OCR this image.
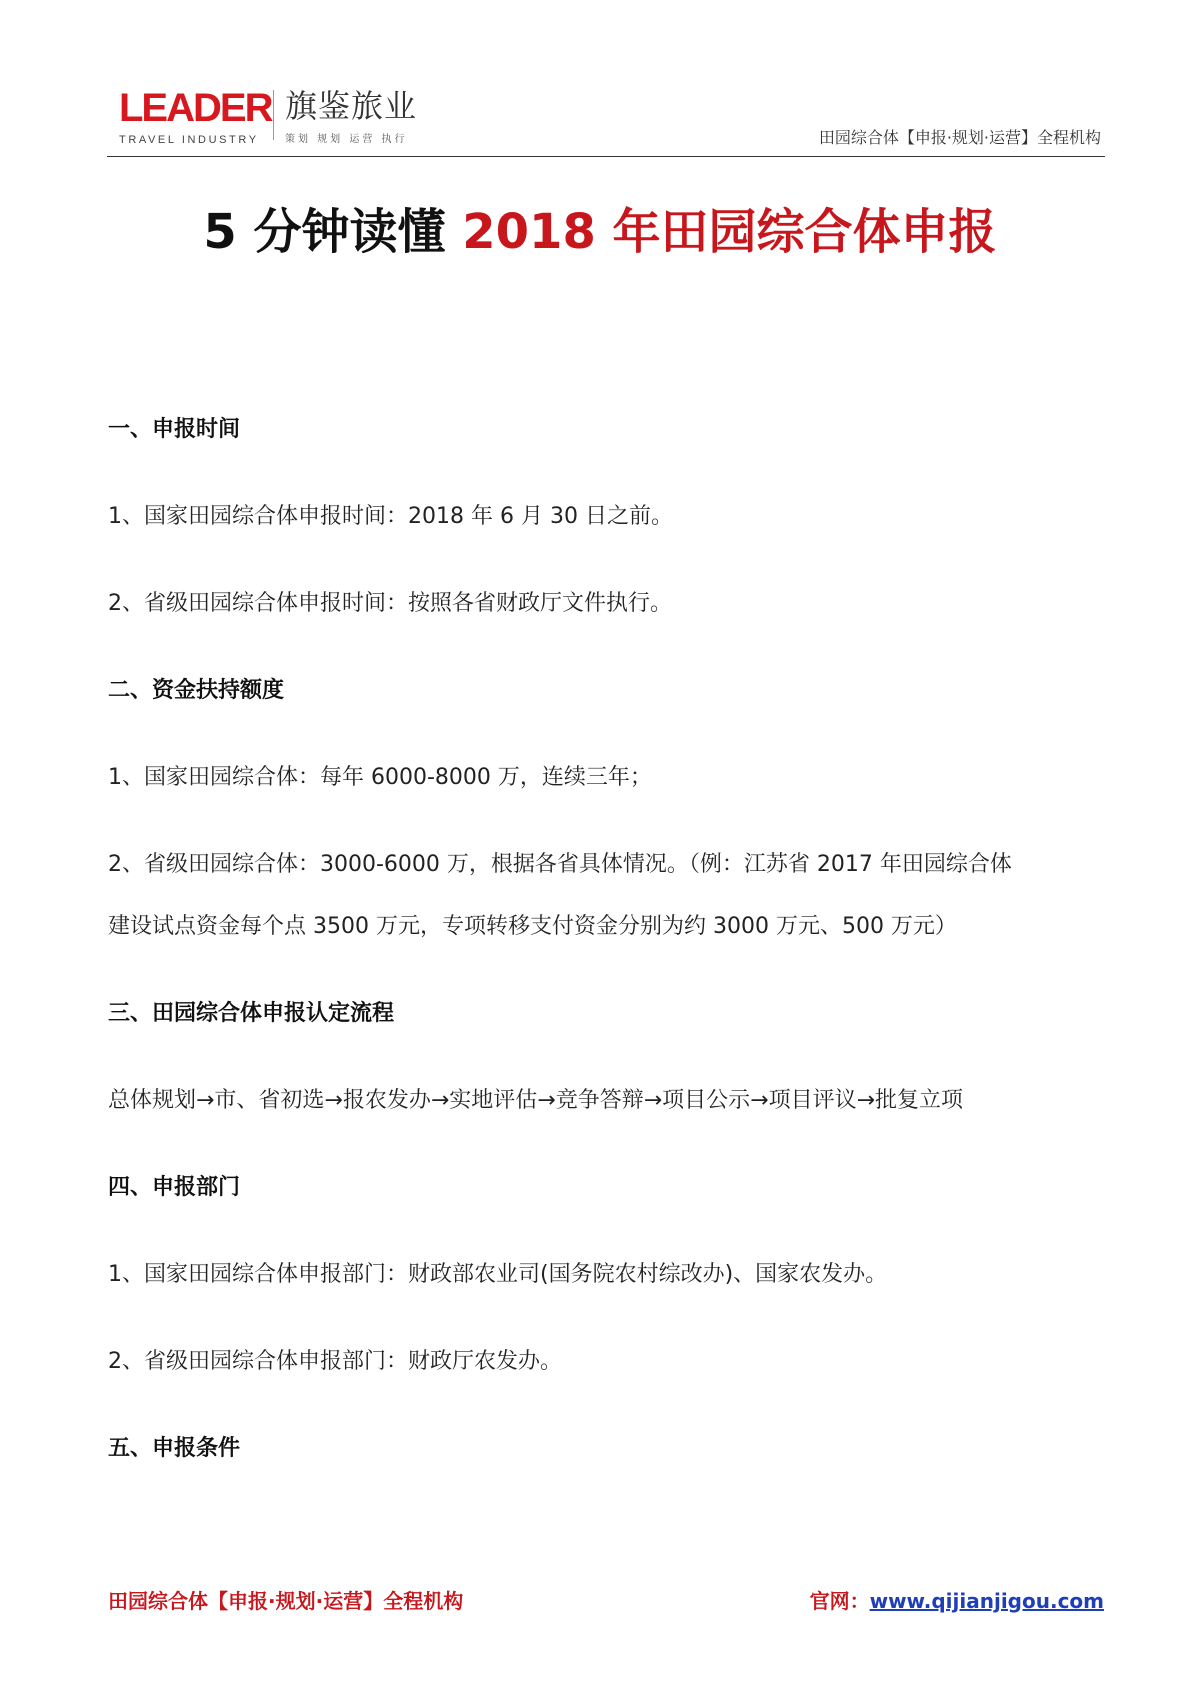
LEADER
TRAVEL INDUSTRY
旗鉴旅业
策划 规划 运营 执行	田园综合体【申报·规划·运营】全程机构
5 分钟读懂 2018 年田园综合体申报
一、申报时间
1、国家田园综合体申报时间：2018 年 6 月 30 日之前。
2、省级田园综合体申报时间：按照各省财政厅文件执行。
二、资金扶持额度
1、国家田园综合体：每年 6000-8000 万，连续三年；
2、省级田园综合体：3000-6000 万，根据各省具体情况。（例：江苏省 2017 年田园综合体
建设试点资金每个点 3500 万元，专项转移支付资金分别为约 3000 万元、500 万元）
三、田园综合体申报认定流程
总体规划→市、省初选→报农发办→实地评估→竞争答辩→项目公示→项目评议→批复立项
四、申报部门
1、国家田园综合体申报部门：财政部农业司(国务院农村综改办)、国家农发办。
2、省级田园综合体申报部门：财政厅农发办。
五、申报条件
田园综合体【申报·规划·运营】全程机构	官网：www.qijianjigou.com
